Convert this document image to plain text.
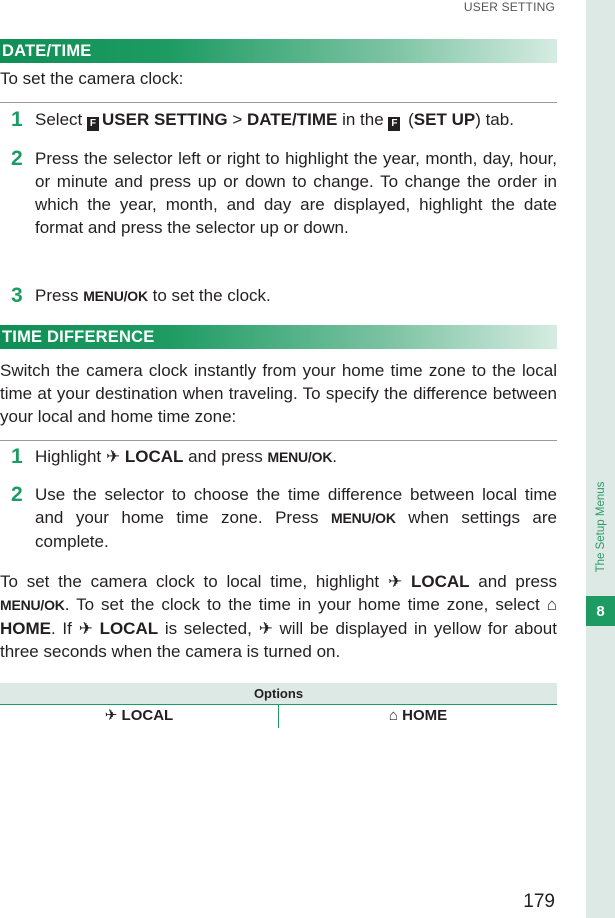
USER SETTING
The Setup Menus
8
DATE/TIME
To set the camera clock:
1 Select F USER SETTING > DATE/TIME in the F (SET UP) tab.
2 Press the selector left or right to highlight the year, month, day, hour, or minute and press up or down to change. To change the order in which the year, month, and day are displayed, highlight the date format and press the selector up or down.
3 Press MENU/OK to set the clock.
TIME DIFFERENCE
Switch the camera clock instantly from your home time zone to the local time at your destination when traveling. To specify the difference between your local and home time zone:
1 Highlight ✈ LOCAL and press MENU/OK.
2 Use the selector to choose the time difference between local time and your home time zone. Press MENU/OK when settings are complete.
To set the camera clock to local time, highlight ✈ LOCAL and press MENU/OK. To set the clock to the time in your home time zone, select ⌂ HOME. If ✈ LOCAL is selected, ✈ will be displayed in yellow for about three seconds when the camera is turned on.
Options
✈ LOCAL	⌂ HOME
179
